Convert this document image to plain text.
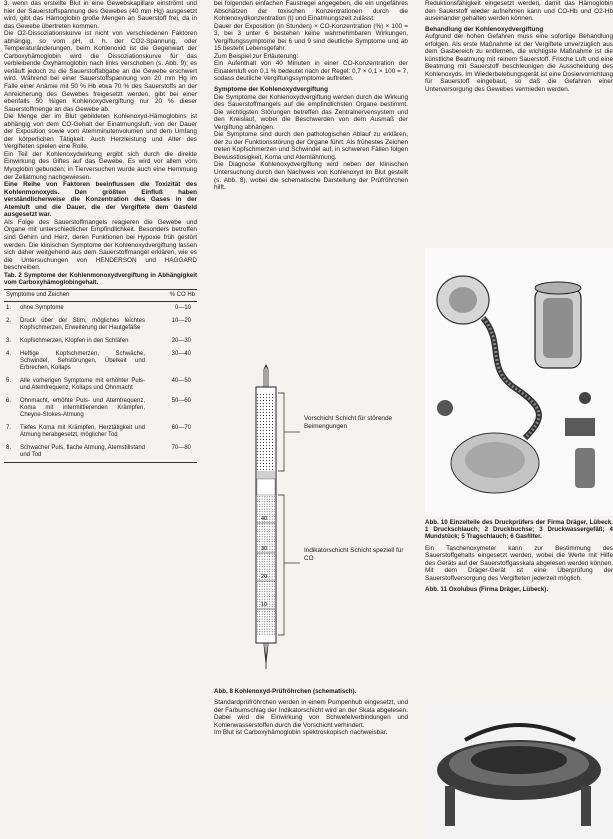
3. wenn das erstellte Blut in eine Gewebskapillare einströmt und hier der Sauerstoffspannung des Gewebes (40 mm Hg) ausgesetzt wird, gibt das Hämoglobin große Mengen an Sauerstoff frei, da in das Gewebe übertreten kommen.

Die O2-Dissoziationskurve ist nicht von verschiedenen Faktoren abhängig, so vom pH, d. h. der CO2-Spannung, oder Temperaturänderungen, beim Kohlenoxid ist die Gegenwart der Carboxyhämoglobin wird die Dissoziationskurve für das verbleibende Oxyhämoglobin nach links verschoben (s. Abb. 9); es verläuft jedoch zu die Sauerstoffabgabe an die Gewebe erschwert wird. Während bei einer Sauerstoffspannung von 20 mm Hg im Falle einer Anämie mit 50 % Hb etwa 70 % des Sauerstoffs an der Anreicherung des Gewebes freigesetzt werden, gibt bei einer ebenfalls 50 %igen Kohlenoxydvergiftung nur 20 % dieser Sauerstoffmenge an das Gewebe ab.

Die Menge der im Blut gebildeten Kohlenoxyd-Hämoglobins ist abhängig von dem CO-Gehalt der Einatmungsluft, von der Dauer der Exposition sowie vom Atemminutenvolumen und dem Umfang der körperlichen Tätigkeit. Auch Herzleistung und Alter des Vergifteten spielen eine Rolle.

Ein Teil der Kohlenoxydwirkung ergibt sich durch die direkte Einwirkung des Giftes auf das Gewebe. Es wird vor allem vom Myoglobin gebunden; in Tierversuchen wurde auch eine Hemmung der Zellatmung nachgewiesen.

Eine Reihe von Faktoren beeinflussen die Toxizität des Kohlenmonoxyds. Den größten Einfluß haben verständlicherweise die Konzentration des Gases in der Atemluft und die Dauer, die der Vergiftete dem Gasfeld ausgesetzt war.

Als Folge des Sauerstoffmangels reagieren die Gewebe und Organe mit unterschiedlicher Empfindlichkeit. Besonders betroffen sind Gehirn und Herz, deren Funktionen bei Hypoxie früh gestört werden. Die klinischen Symptome der Kohlenoxydvergiftung lassen sich daher weitgehend aus dem Sauerstoffmangel erklären, wie es die Untersuchungen von HENDERSON und HAGGARD beschreiben.

Tab. 2 Symptome der Kohlenmonoxydvergiftung in Abhängigkeit vom Carboxyhämoglobingehalt.

Symptome und Zeichen		% CO Hb
1.	ohne Symptome	0—10
2.	Druck über der Stirn, mögliches leichtes Kopfschmerzen, Erweiterung der Hautgefäße	10—20
3.	Kopfschmerzen, Klopfen in den Schläfen	20—30
4.	Heftige Kopfschmerzen, Schwäche, Schwindel, Sehstörungen, Übelkeit und Erbrechen, Kollaps	30—40
5.	Alle vorherigen Symptome mit erhöhter Puls- und Atemfrequenz, Kollaps und Ohnmacht	40—50
6.	Ohnmacht, erhöhte Puls- und Atemfrequenz, Koma mit intermittierenden Krämpfen, Cheyne-Stokes-Atmung	50—60
7.	Tiefes Koma mit Krämpfen, Herztätigkeit und Atmung herabgesetzt, möglicher Tod	60—70
8.	Schwacher Puls, flache Atmung, Atemstillstand und Tod	70—80

bei folgenden einfachen Faustregel angegeben, die ein ungefähres Abschätzen der toxischen Konzentrationen durch die Kohlenoxydkonzentration (t) und Einatmungszeit zulässt:

Dauer der Exposition (in Stunden) × CO-Konzentration (%) × 100 = 3, bei 3 unter 6 bestehen keine wahrnehmbaren Wirkungen, Vergiftungssymptome bei 6 und 9 sind deutliche Symptome und ab 15 besteht Lebensgefahr.

Zum Beispiel zur Erläuterung:

Ein Aufenthalt von 40 Minuten in einer CO-Konzentration der Einatemluft von 0,1 % bedeutet nach der Regel: 0,7 × 0,1 × 100 = 7, sodass deutliche Vergiftungssymptome auftreten.

Symptome der Kohlenoxydvergiftung

Die Symptome der Kohlenoxydvergiftung werden durch die Wirkung des Sauerstoffmangels auf die empfindlichsten Organe bestimmt. Die wichtigsten Störungen betreffen das Zentralnervensystem und den Kreislauf, wobei die Beschwerden von dem Ausmaß der Vergiftung abhängen.

Die Symptome sind durch den pathologischen Ablauf zu erklären, der zu der Funktionsstörung der Organe führt. Als frühestes Zeichen treten Kopfschmerzen und Schwindel auf, in schweren Fällen folgen Bewusstlosigkeit, Koma und Atemlähmung.

Die Diagnose Kohlenoxydvergiftung wird neben der klinischen Untersuchung durch den Nachweis von Kohlenoxyd im Blut gestellt (s. Abb. 8), wobei die schematische Darstellung der Prüfröhrchen hilft.

40
30
20
10
Vorschicht Schicht für störende Beimengungen
Indikatorschicht Schicht speziell für CO

Abb. 8 Kohlenoxyd-Prüfröhrchen (schematisch).

Standardprüfröhrchen werden in einem Pumpenhub eingesetzt, und der Farbumschlag der Indikatorschicht wird an der Skala abgelesen. Dabei wird die Einwirkung von Schwefelverbindungen und Kohlenwasserstoffen durch die Vorschicht verhindert.

Im Blut ist Carboxyhämoglobin spektroskopisch nachweisbar.

Reduktionsfähigkeit eingesetzt werden, damit das Hämoglobin den Sauerstoff wieder aufnehmen kann und CO-Hb und O2-Hb auseinander gehalten werden können.

Behandlung der Kohlenoxydvergiftung

Aufgrund der hohen Gefahren muss eine sofortige Behandlung erfolgen. Als erste Maßnahme ist der Vergiftete unverzüglich aus dem Gasbereich zu entfernen, die wichtigste Maßnahme ist die künstliche Beatmung mit reinem Sauerstoff. Frische Luft und eine Beatmung mit Sauerstoff beschleunigen die Ausscheidung des Kohlenoxyds. Im Wiederbelebungsgerät ist eine Dosiervorrichtung für Sauerstoff eingebaut, so daß die Gefahren einer Unterversorgung des Gewebes vermieden werden.

Abb. 10 Einzelteile des Druckprüfers der Firma Dräger, Lübeck. 1 Druckschlauch; 2 Druckbuchse; 3 Druckwassergefäß; 4 Mundstück; 5 Tragschlauch; 6 Gasfilter.

Ein Taschenoxymeter kann zur Bestimmung des Sauerstoffgehalts eingesetzt werden, wobei die Werte mit Hilfe des Geräts auf der Sauerstoffgasskala abgelesen werden können. Mit dem Dräger-Gerät ist eine Überprüfung der Sauerstoffversorgung des Vergifteten jederzeit möglich.

Abb. 11 Oxolubus (Firma Dräger, Lübeck).
